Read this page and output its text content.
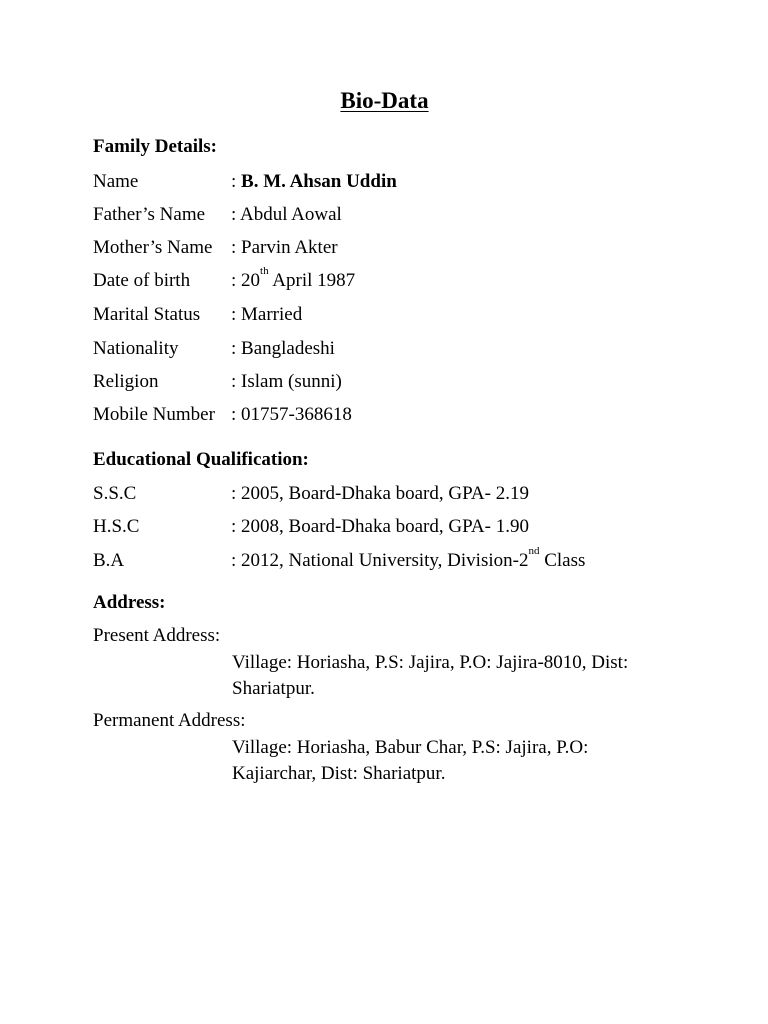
Bio-Data
Family Details:
Name	: B. M. Ahsan Uddin
Father’s Name : Abdul Aowal
Mother’s Name : Parvin Akter
Date of birth : 20th April 1987
Marital Status : Married
Nationality	: Bangladeshi
Religion	: Islam (sunni)
Mobile Number : 01757-368618
Educational Qualification:
S.S.C	: 2005, Board-Dhaka board, GPA- 2.19
H.S.C	: 2008, Board-Dhaka board, GPA- 1.90
B.A	: 2012, National University, Division-2nd Class
Address:
Present Address:
Village: Horiasha, P.S: Jajira, P.O: Jajira-8010, Dist:
Shariatpur.
Permanent Address:
Village: Horiasha, Babur Char, P.S: Jajira, P.O:
Kajiarchar, Dist: Shariatpur.
